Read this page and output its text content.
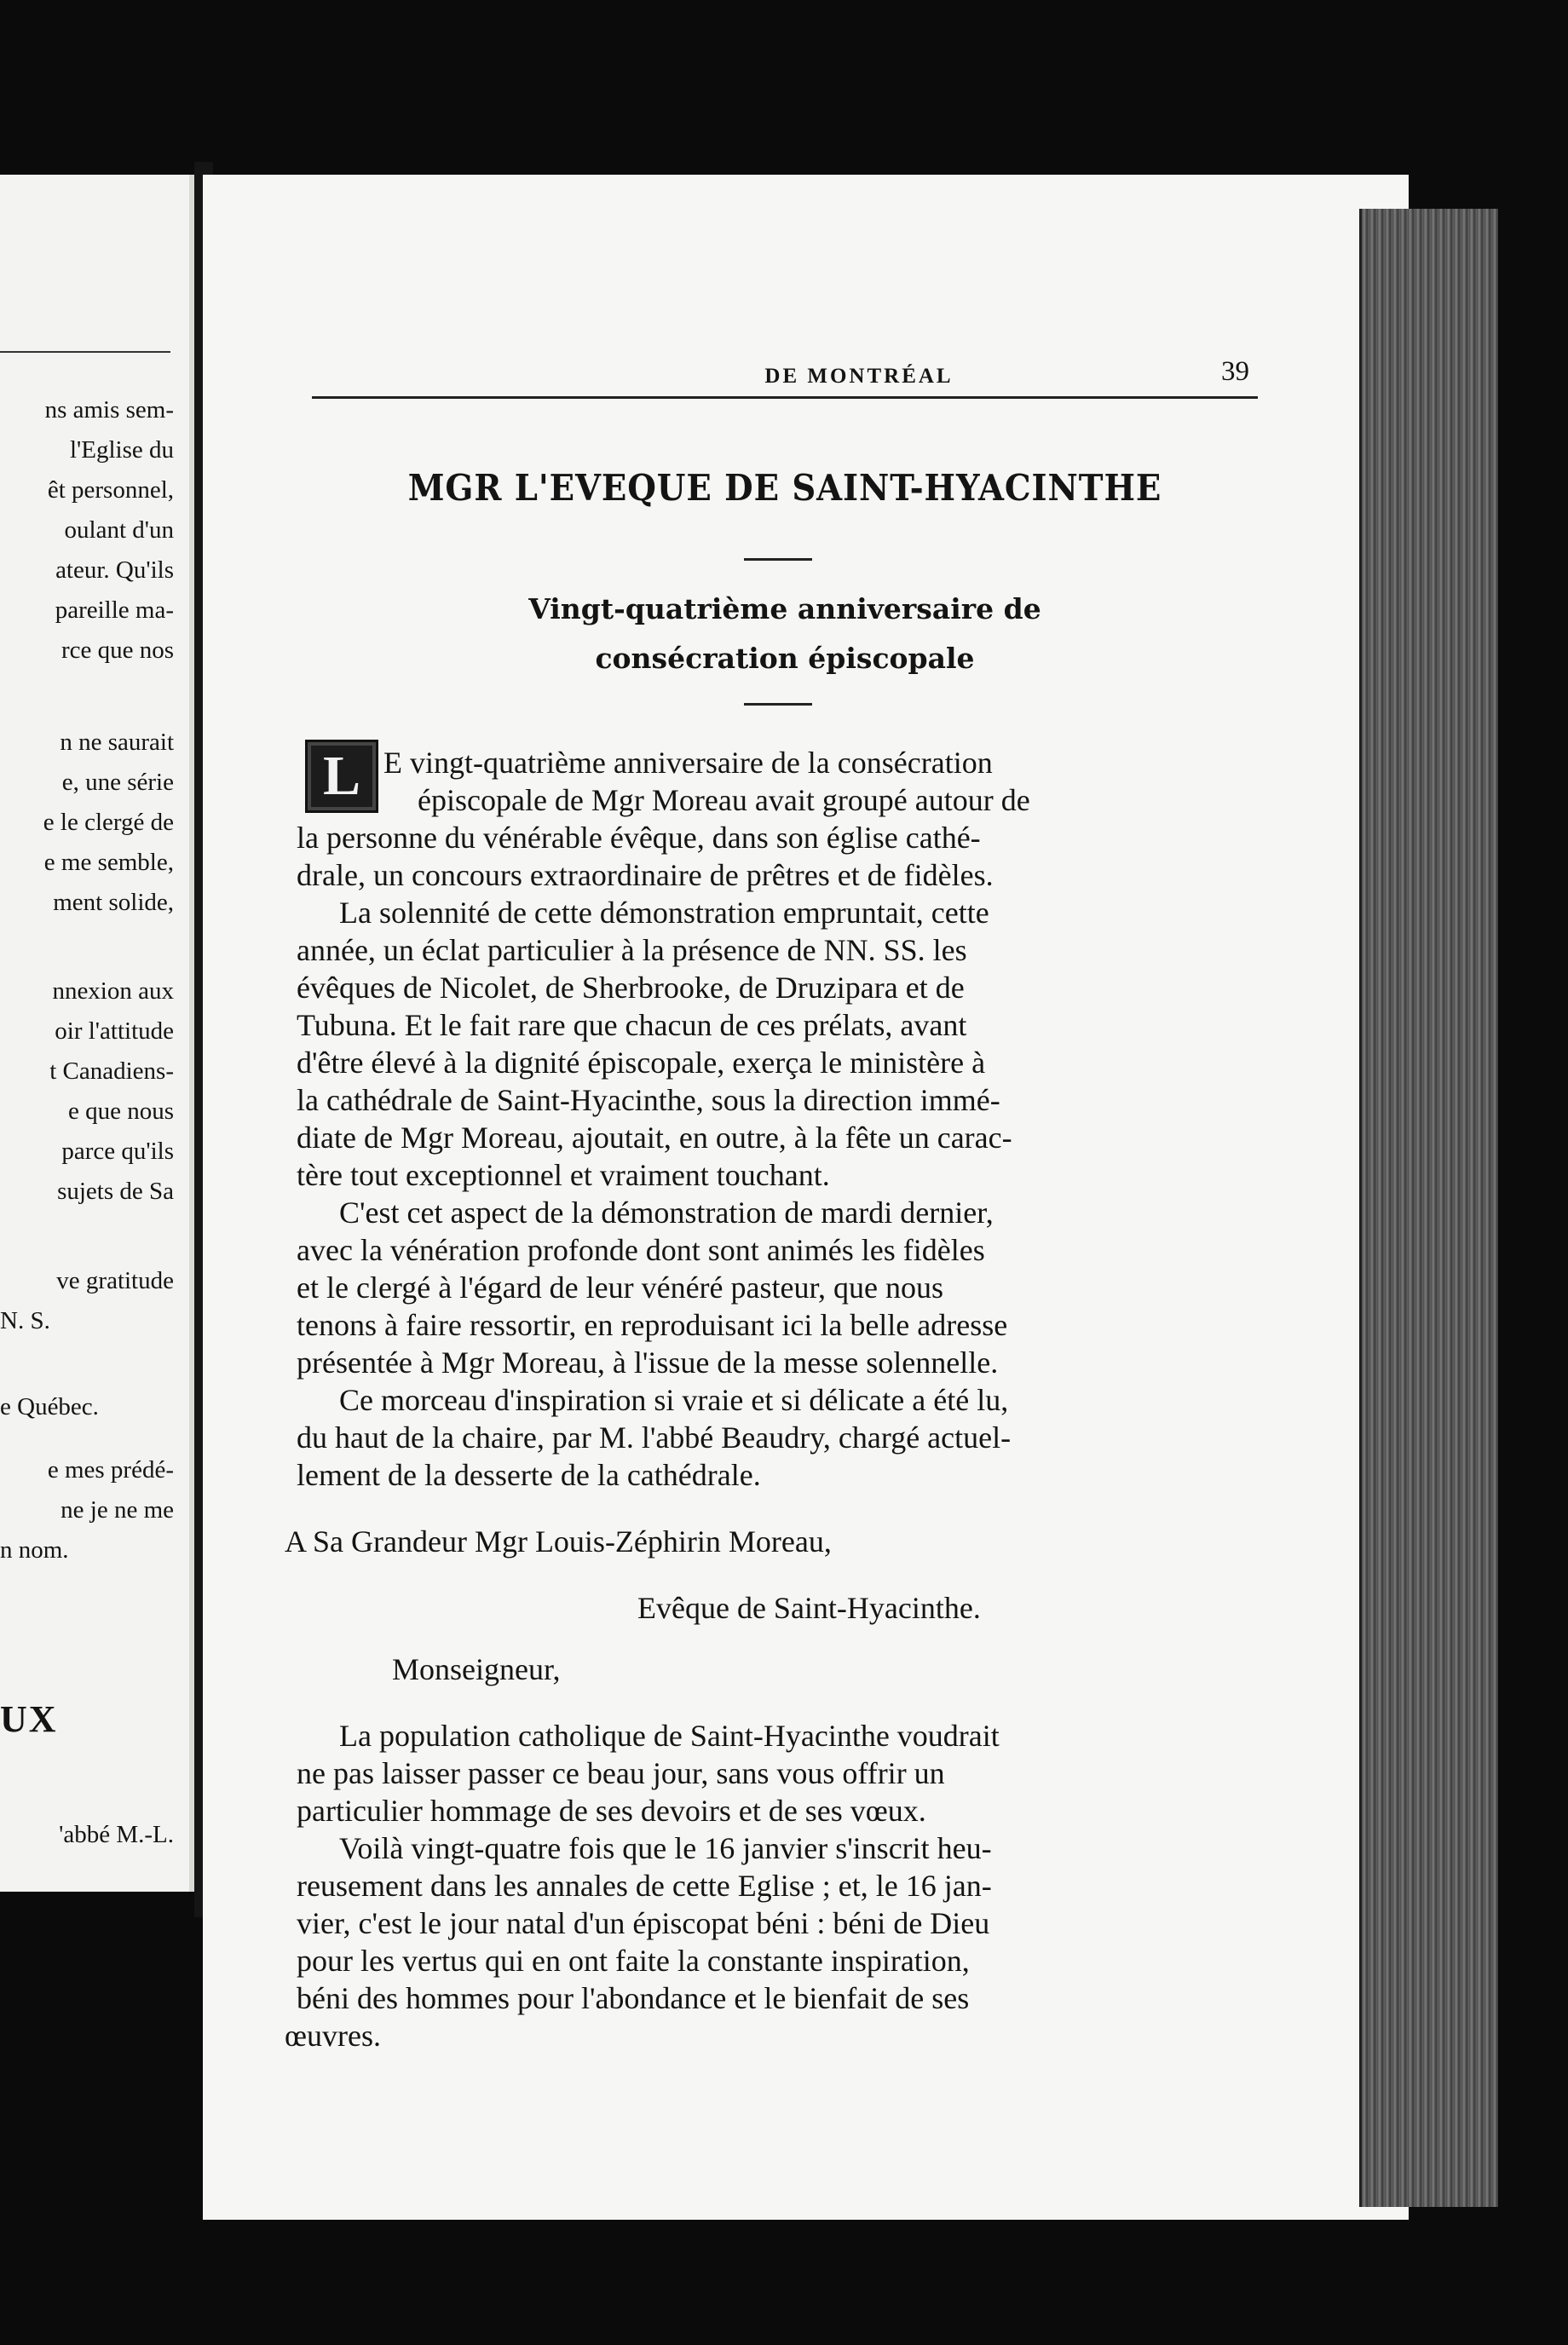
ns amis sem-
l'Eglise du
êt personnel,
oulant d'un
ateur. Qu'ils
pareille ma-
rce que nos
n ne saurait
e, une série
e le clergé de
e me semble,
ment solide,
nnexion aux
oir l'attitude
t Canadiens-
e que nous
parce qu'ils
sujets de Sa
ve gratitude
N. S.
e Québec.
e mes prédé-
ne je ne me
n nom.
UX
'abbé M.-L.
DE MONTRÉAL	39
MGR L'EVEQUE DE SAINT-HYACINTHE
Vingt-quatrième anniversaire de
consécration épiscopale
L E vingt-quatrième anniversaire de la consécration
épiscopale de Mgr Moreau avait groupé autour de
la personne du vénérable évêque, dans son église cathé-
drale, un concours extraordinaire de prêtres et de fidèles.
La solennité de cette démonstration empruntait, cette
année, un éclat particulier à la présence de NN. SS. les
évêques de Nicolet, de Sherbrooke, de Druzipara et de
Tubuna. Et le fait rare que chacun de ces prélats, avant
d'être élevé à la dignité épiscopale, exerça le ministère à
la cathédrale de Saint-Hyacinthe, sous la direction immé-
diate de Mgr Moreau, ajoutait, en outre, à la fête un carac-
tère tout exceptionnel et vraiment touchant.
C'est cet aspect de la démonstration de mardi dernier,
avec la vénération profonde dont sont animés les fidèles
et le clergé à l'égard de leur vénéré pasteur, que nous
tenons à faire ressortir, en reproduisant ici la belle adresse
présentée à Mgr Moreau, à l'issue de la messe solennelle.
Ce morceau d'inspiration si vraie et si délicate a été lu,
du haut de la chaire, par M. l'abbé Beaudry, chargé actuel-
lement de la desserte de la cathédrale.
A Sa Grandeur Mgr Louis-Zéphirin Moreau,
Evêque de Saint-Hyacinthe.
Monseigneur,
La population catholique de Saint-Hyacinthe voudrait
ne pas laisser passer ce beau jour, sans vous offrir un
particulier hommage de ses devoirs et de ses vœux.
Voilà vingt-quatre fois que le 16 janvier s'inscrit heu-
reusement dans les annales de cette Eglise ; et, le 16 jan-
vier, c'est le jour natal d'un épiscopat béni : béni de Dieu
pour les vertus qui en ont faite la constante inspiration,
béni des hommes pour l'abondance et le bienfait de ses
œuvres.
